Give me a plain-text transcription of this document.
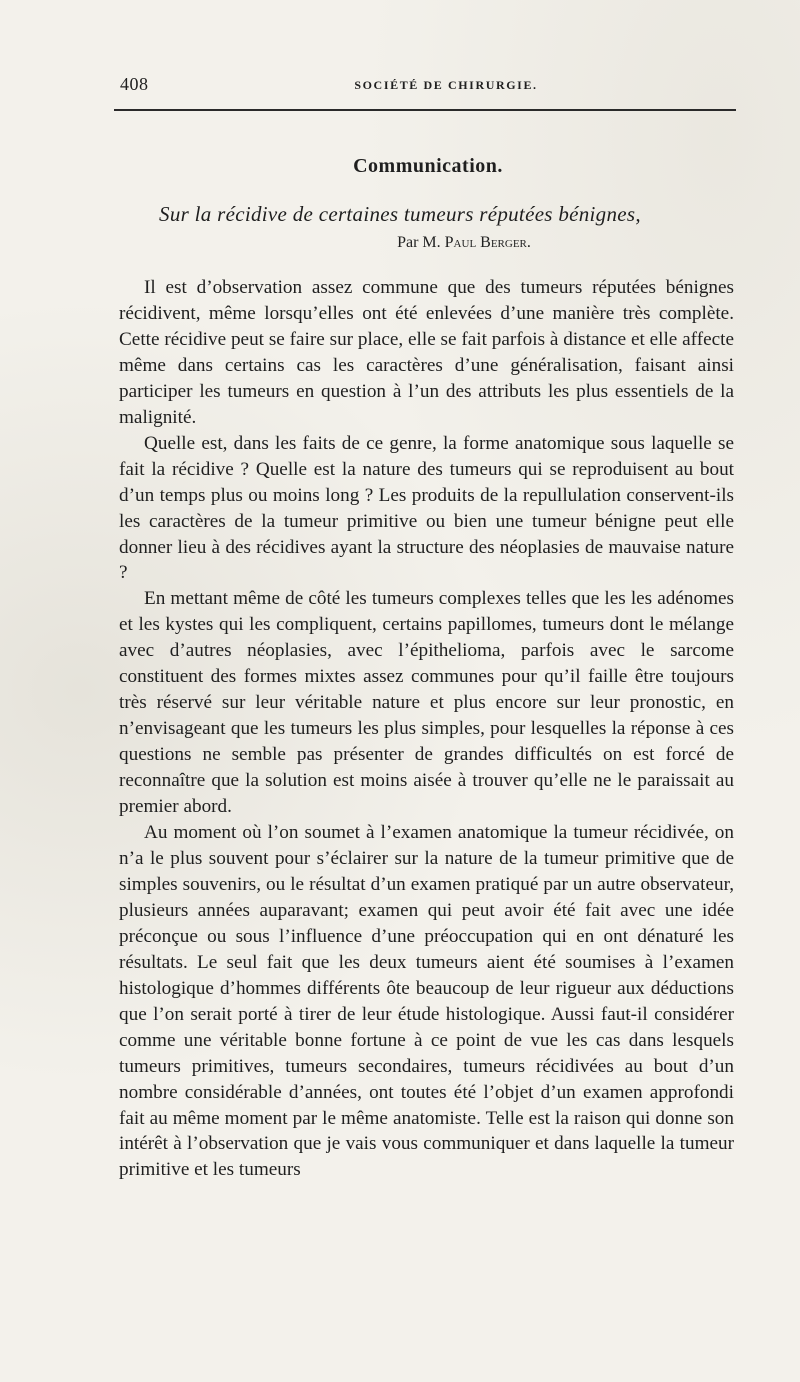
408	SOCIÉTÉ DE CHIRURGIE.
Communication.
Sur la récidive de certaines tumeurs réputées bénignes,
Par M. Paul Berger.

Il est d’observation assez commune que des tumeurs réputées bénignes récidivent, même lorsqu’elles ont été enlevées d’une manière très complète. Cette récidive peut se faire sur place, elle se fait parfois à distance et elle affecte même dans certains cas les caractères d’une généralisation, faisant ainsi participer les tumeurs en question à l’un des attributs les plus essentiels de la malignité.

Quelle est, dans les faits de ce genre, la forme anatomique sous laquelle se fait la récidive ? Quelle est la nature des tumeurs qui se reproduisent au bout d’un temps plus ou moins long ? Les produits de la repullulation conservent-ils les caractères de la tumeur primitive ou bien une tumeur bénigne peut elle donner lieu à des récidives ayant la structure des néoplasies de mauvaise nature ?

En mettant même de côté les tumeurs complexes telles que les les adénomes et les kystes qui les compliquent, certains papillomes, tumeurs dont le mélange avec d’autres néoplasies, avec l’épithelioma, parfois avec le sarcome constituent des formes mixtes assez communes pour qu’il faille être toujours très réservé sur leur véritable nature et plus encore sur leur pronostic, en n’envisageant que les tumeurs les plus simples, pour lesquelles la réponse à ces questions ne semble pas présenter de grandes difficultés on est forcé de reconnaître que la solution est moins aisée à trouver qu’elle ne le paraissait au premier abord.

Au moment où l’on soumet à l’examen anatomique la tumeur récidivée, on n’a le plus souvent pour s’éclairer sur la nature de la tumeur primitive que de simples souvenirs, ou le résultat d’un examen pratiqué par un autre observateur, plusieurs années auparavant; examen qui peut avoir été fait avec une idée préconçue ou sous l’influence d’une préoccupation qui en ont dénaturé les résultats. Le seul fait que les deux tumeurs aient été soumises à l’examen histologique d’hommes différents ôte beaucoup de leur rigueur aux déductions que l’on serait porté à tirer de leur étude histologique. Aussi faut-il considérer comme une véritable bonne fortune à ce point de vue les cas dans lesquels tumeurs primitives, tumeurs secondaires, tumeurs récidivées au bout d’un nombre considérable d’années, ont toutes été l’objet d’un examen approfondi fait au même moment par le même anatomiste. Telle est la raison qui donne son intérêt à l’observation que je vais vous communiquer et dans laquelle la tumeur primitive et les tumeurs
